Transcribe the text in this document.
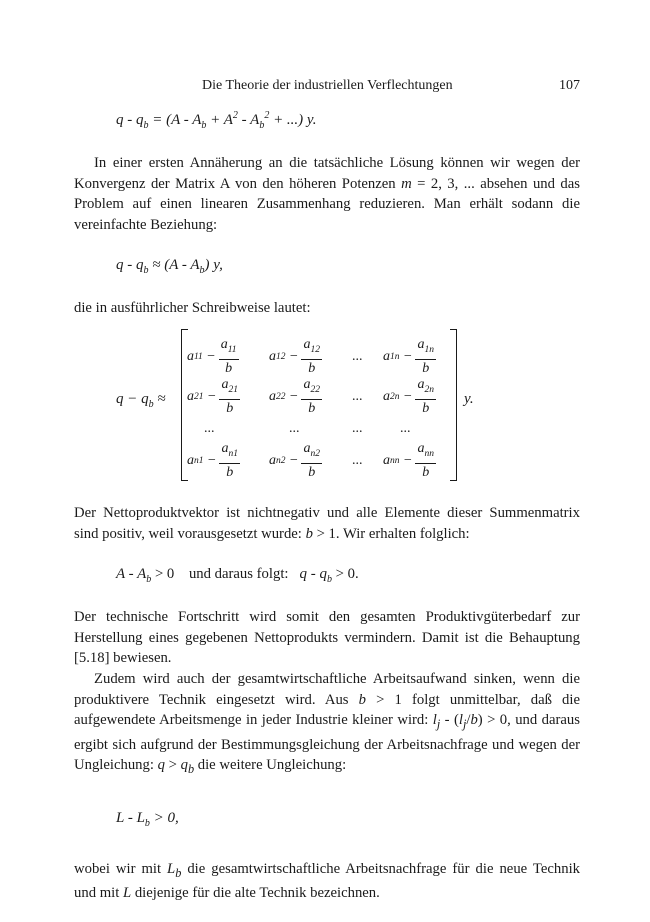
Die Theorie der industriellen Verflechtungen	107
$q - q_b = (A - A_b + A^2 - A_b^2$ + ...) y.

In einer ersten Annäherung an die tatsächliche Lösung können wir wegen der Konvergenz der Matrix A von den höheren Potenzen m = 2, 3, ... absehen und das Problem auf einen linearen Zusammenhang reduzieren. Man erhält sodann die vereinfachte Beziehung:

$q - q_b \approx (A - A_b)$ y,

die in ausführlicher Schreibweise lautet:

$q - q_b$ ≈
a $11 - \frac{a_{11}}{b}$ a $12 - \frac{a_{12}}{b}$ ... a $1n - \frac{a_{1n}}{b}$
a $21 - \frac{a_{21}}{b}$ a $22 - \frac{a_{22}}{b}$ ... a $2n - \frac{a_{2n}}{b}$
...	...	...	...
a $n1 - \frac{a_{n1}}{b}$ a $n2 - \frac{a_{n2}}{b}$ ... a nn − $\frac{a_{nn}}{b}$
y.

Der Nettoproduktvektor ist nichtnegativ und alle Elemente dieser Summenmatrix sind positiv, weil vorausgesetzt wurde: b > 1. Wir erhalten folglich:

$A - A_b > 0$    und daraus folgt: $q - q_b > 0$.

Der technische Fortschritt wird somit den gesamten Produktivgüterbedarf zur Herstellung eines gegebenen Nettoprodukts vermindern. Damit ist die Behauptung [5.18] bewiesen.

Zudem wird auch der gesamtwirtschaftliche Arbeitsaufwand sinken, wenn die produktivere Technik eingesetzt wird. Aus b > 1 folgt unmittelbar, daß die aufgewendete Arbeitsmenge in jeder Industrie kleiner wird: $l_j - (l_j/b) > 0$, und daraus ergibt sich aufgrund der Bestimmungsgleichung der Arbeitsnachfrage und wegen der Ungleichung: $q > q_b$ die weitere Ungleichung:

$L - L_b > 0$,

wobei wir mit $L_b$ die gesamtwirtschaftliche Arbeitsnachfrage für die neue Technik und mit L diejenige für die alte Technik bezeichnen.
